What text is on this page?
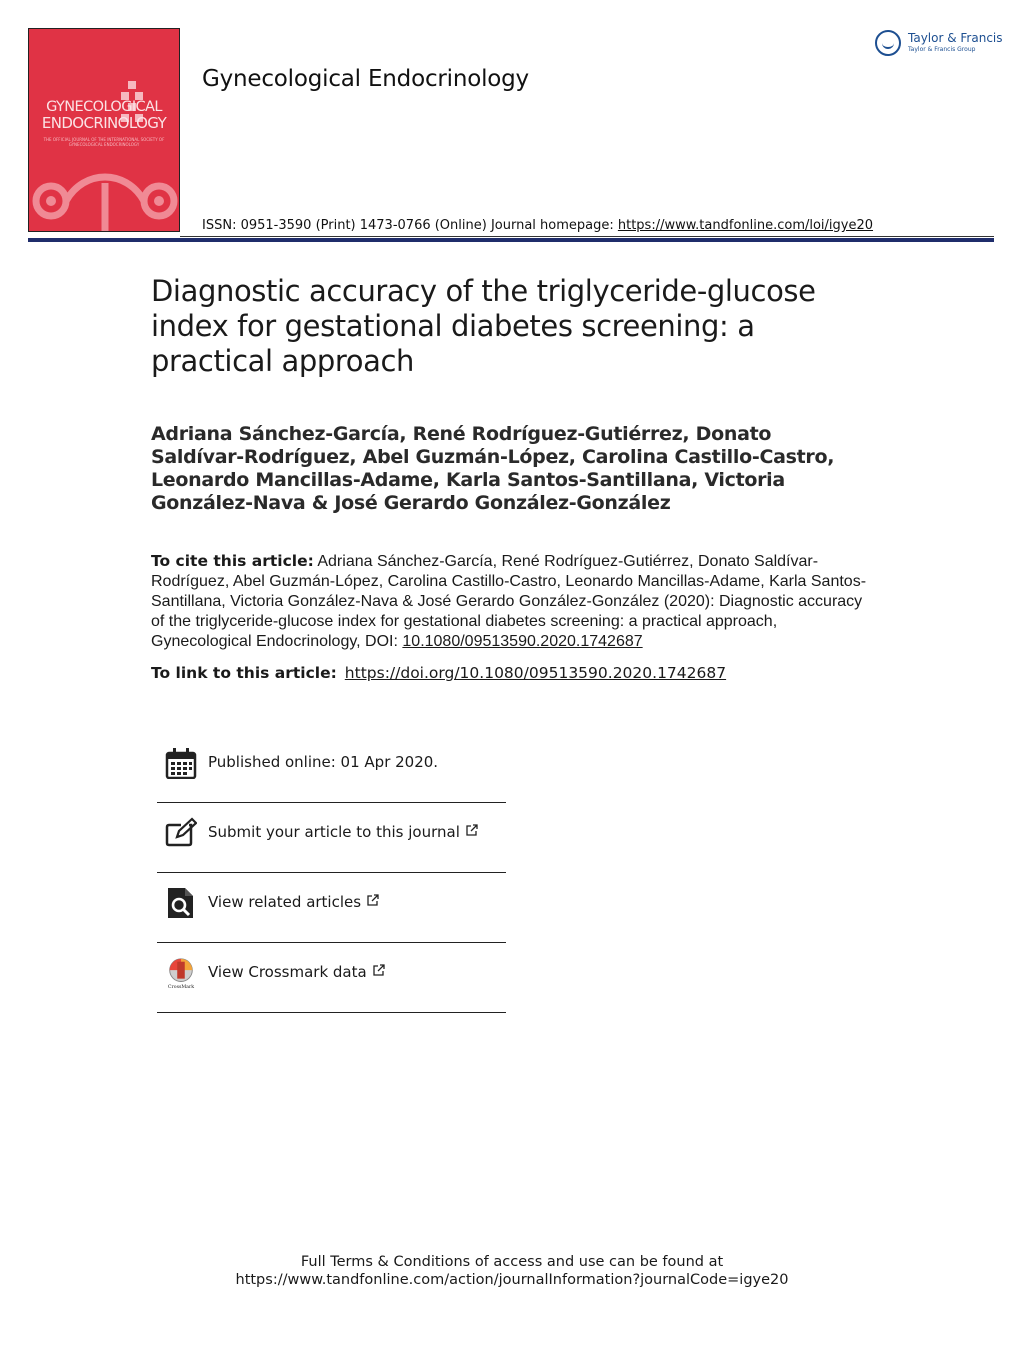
GYNECOLOGICAL
ENDOCRINOLOGY
THE OFFICIAL JOURNAL OF THE INTERNATIONAL SOCIETY OF GYNECOLOGICAL ENDOCRINOLOGY
Gynecological Endocrinology
Taylor & Francis
Taylor & Francis Group
ISSN: 0951-3590 (Print) 1473-0766 (Online) Journal homepage: https://www.tandfonline.com/loi/igye20
Diagnostic accuracy of the triglyceride-glucose index for gestational diabetes screening: a practical approach
Adriana Sánchez-García, René Rodríguez-Gutiérrez, Donato Saldívar-Rodríguez, Abel Guzmán-López, Carolina Castillo-Castro, Leonardo Mancillas-Adame, Karla Santos-Santillana, Victoria González-Nava & José Gerardo González-González
To cite this article: Adriana Sánchez-García, René Rodríguez-Gutiérrez, Donato Saldívar-Rodríguez, Abel Guzmán-López, Carolina Castillo-Castro, Leonardo Mancillas-Adame, Karla Santos-Santillana, Victoria González-Nava & José Gerardo González-González (2020): Diagnostic accuracy of the triglyceride-glucose index for gestational diabetes screening: a practical approach, Gynecological Endocrinology, DOI: 10.1080/09513590.2020.1742687
To link to this article: https://doi.org/10.1080/09513590.2020.1742687
Published online: 01 Apr 2020.
Submit your article to this journal
View related articles
CrossMark
View Crossmark data
Full Terms & Conditions of access and use can be found at
https://www.tandfonline.com/action/journalInformation?journalCode=igye20
